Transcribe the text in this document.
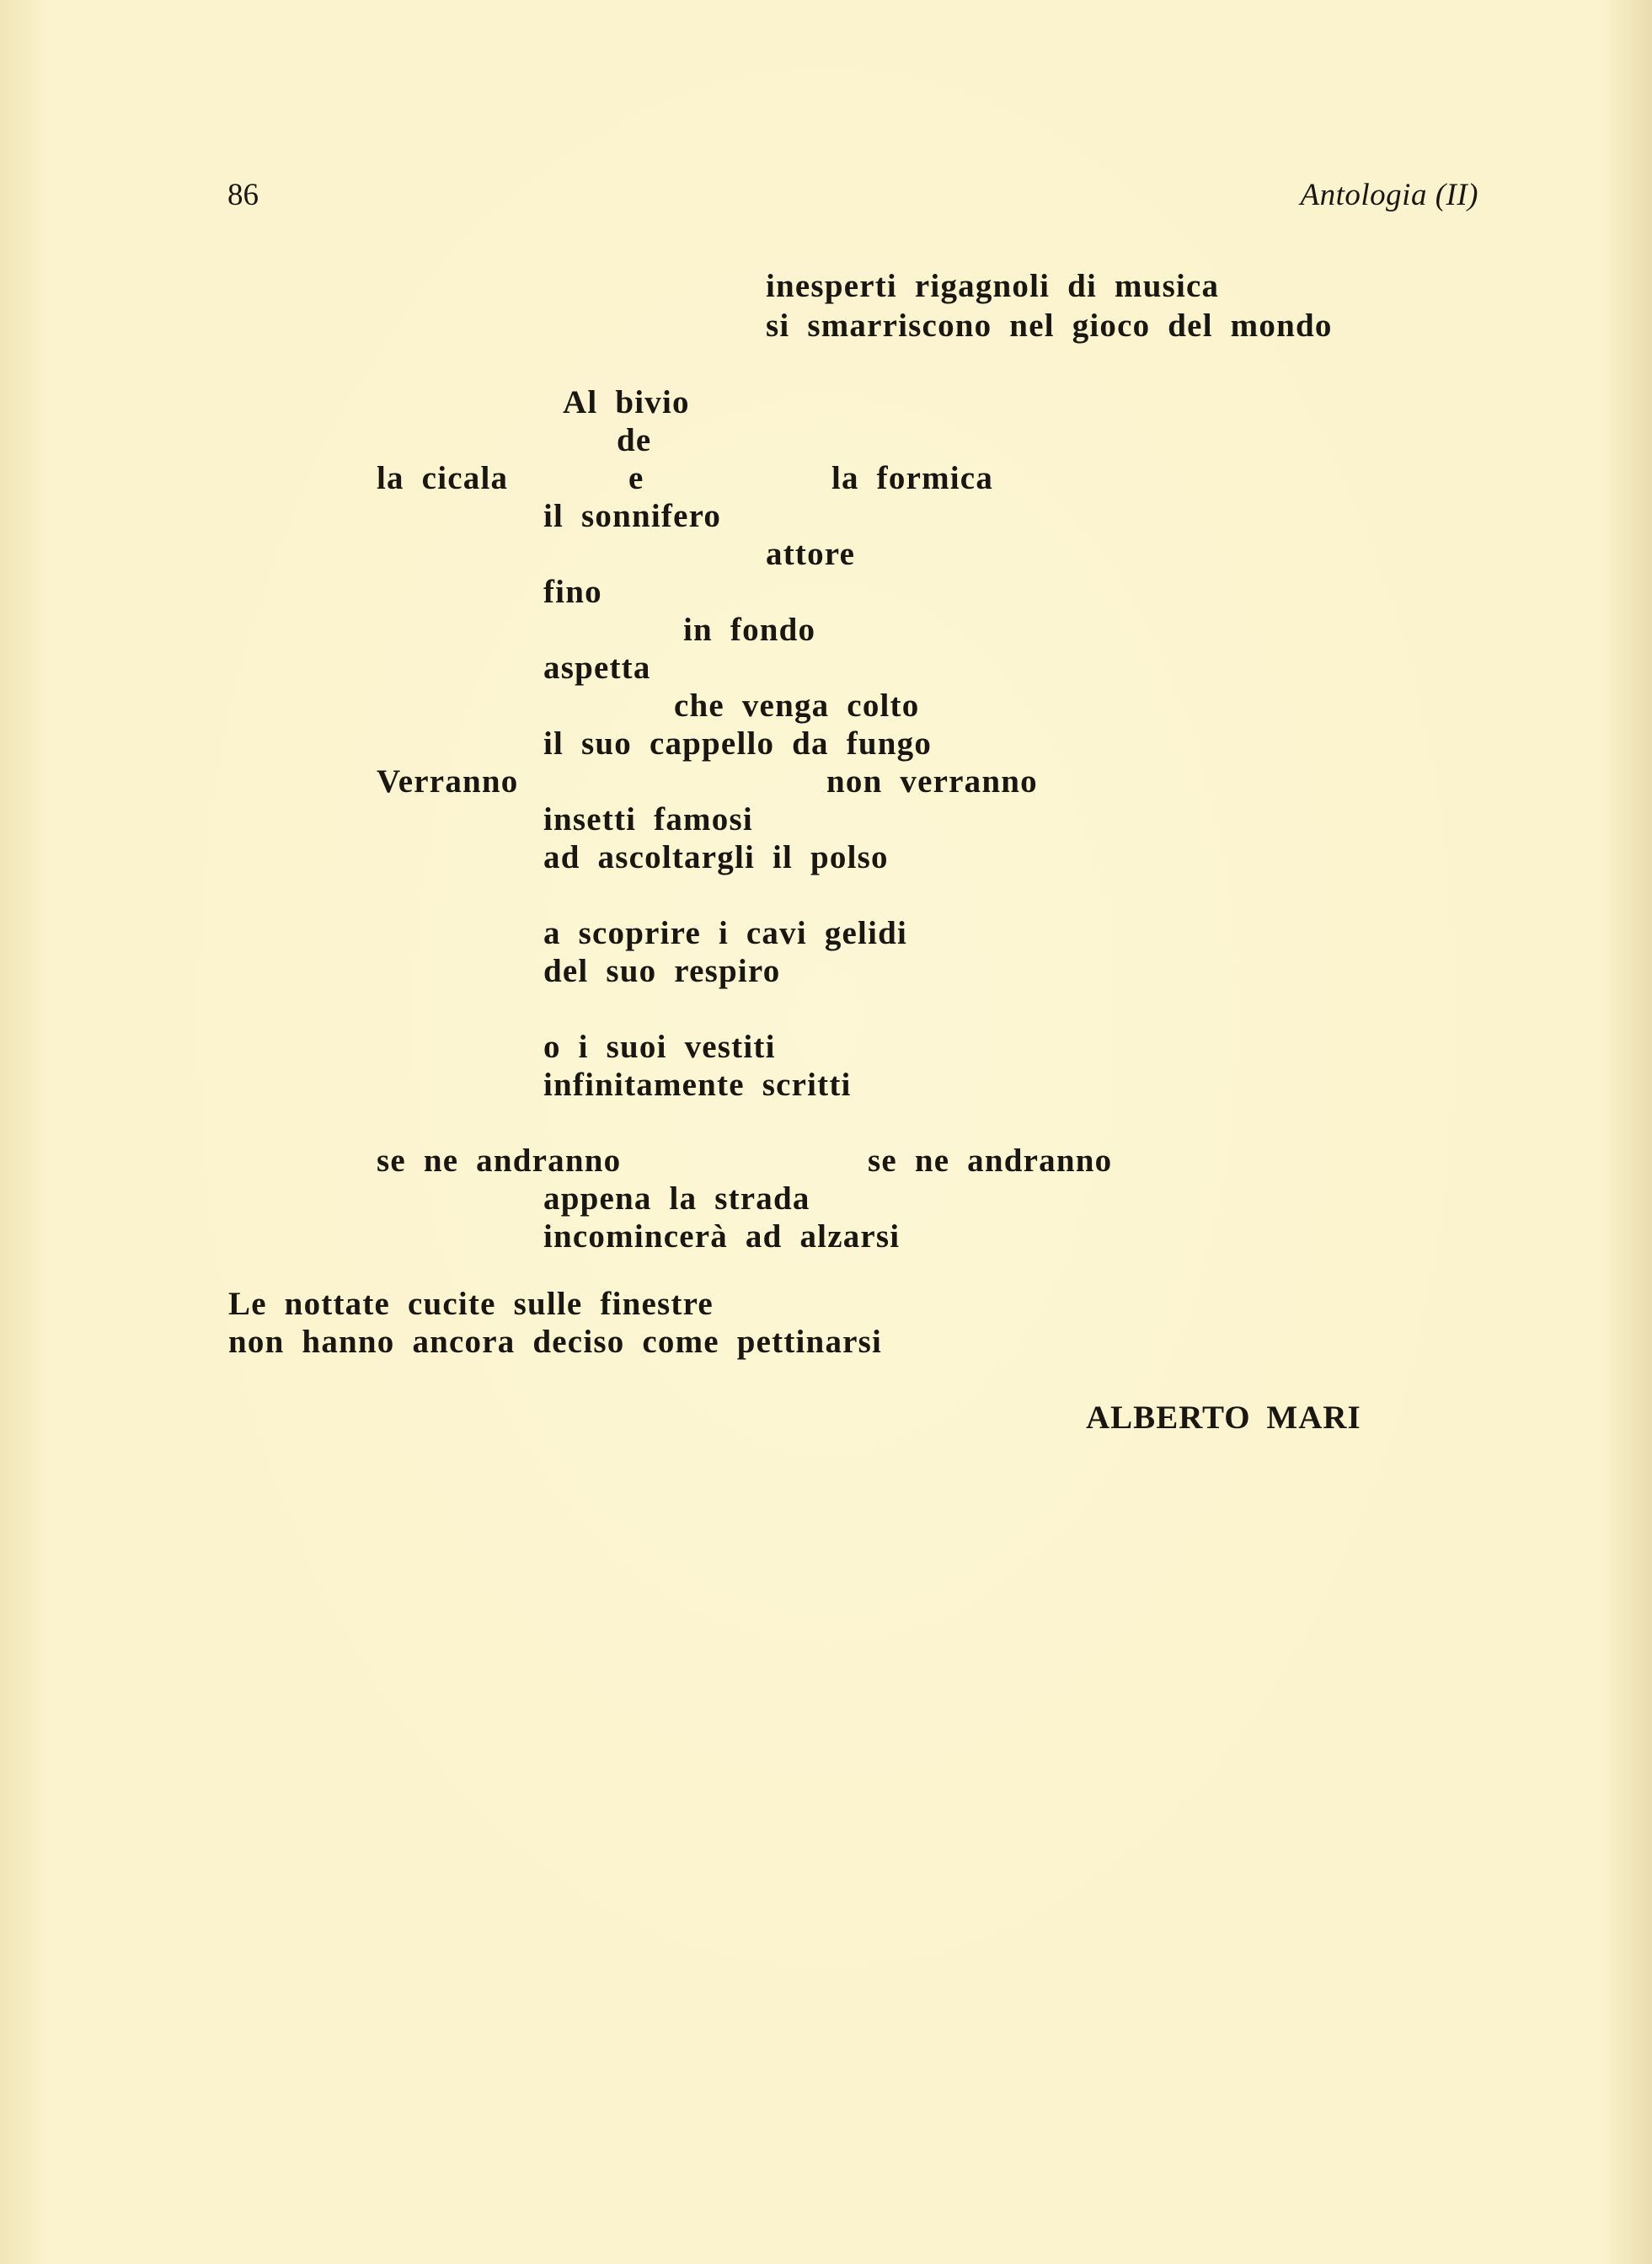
86	Antologia (II)
inesperti rigagnoli di musica
si smarriscono nel gioco del mondo
Al bivio
de
la cicala	e	la formica
il sonnifero
attore
fino
in fondo
aspetta
che venga colto
il suo cappello da fungo
Verranno	non verranno
insetti famosi
ad ascoltargli il polso
a scoprire i cavi gelidi
del suo respiro
o i suoi vestiti
infinitamente scritti
se ne andranno	se ne andranno
appena la strada
incomincerà ad alzarsi
Le nottate cucite sulle finestre
non hanno ancora deciso come pettinarsi
ALBERTO MARI
